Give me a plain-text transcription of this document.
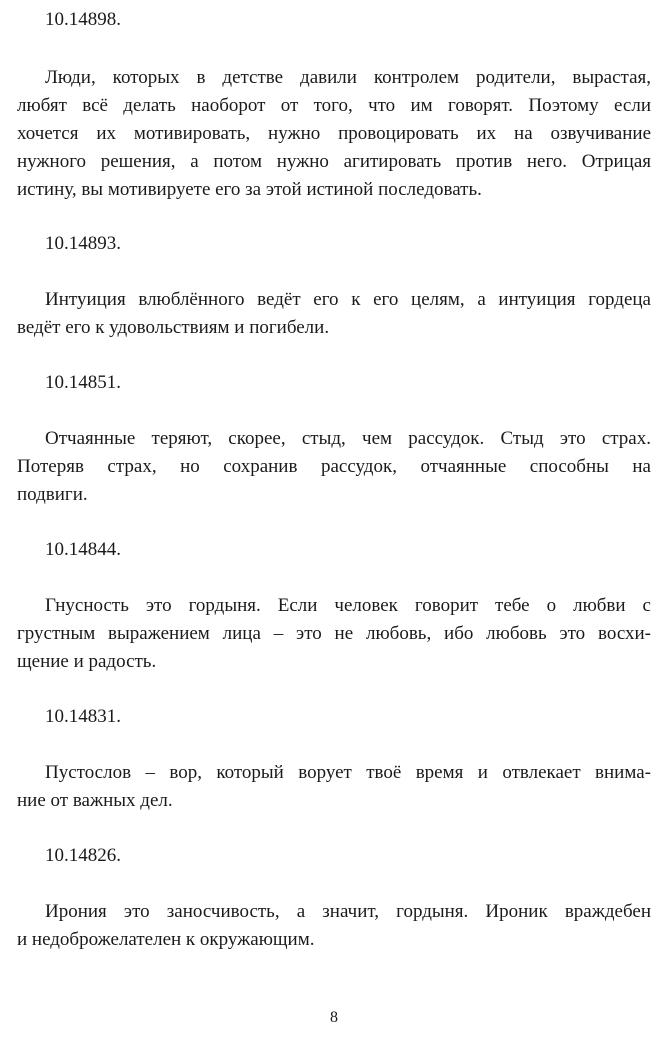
10.14898.
Люди, которых в детстве давили контролем родители, вырастая,
любят всё делать наоборот от того, что им говорят. Поэтому если
хочется их мотивировать, нужно провоцировать их на озвучивание
нужного решения, а потом нужно агитировать против него. Отрицая
истину, вы мотивируете его за этой истиной последовать.
10.14893.
Интуиция влюблённого ведёт его к его целям, а интуиция гордеца
ведёт его к удовольствиям и погибели.
10.14851.
Отчаянные теряют, скорее, стыд, чем рассудок. Стыд это страх.
Потеряв страх, но сохранив рассудок, отчаянные способны на
подвиги.
10.14844.
Гнусность это гордыня. Если человек говорит тебе о любви с
грустным выражением лица – это не любовь, ибо любовь это восхи-
щение и радость.
10.14831.
Пустослов – вор, который ворует твоё время и отвлекает внима-
ние от важных дел.
10.14826.
Ирония это заносчивость, а значит, гордыня. Ироник враждебен
и недоброжелателен к окружающим.
8
